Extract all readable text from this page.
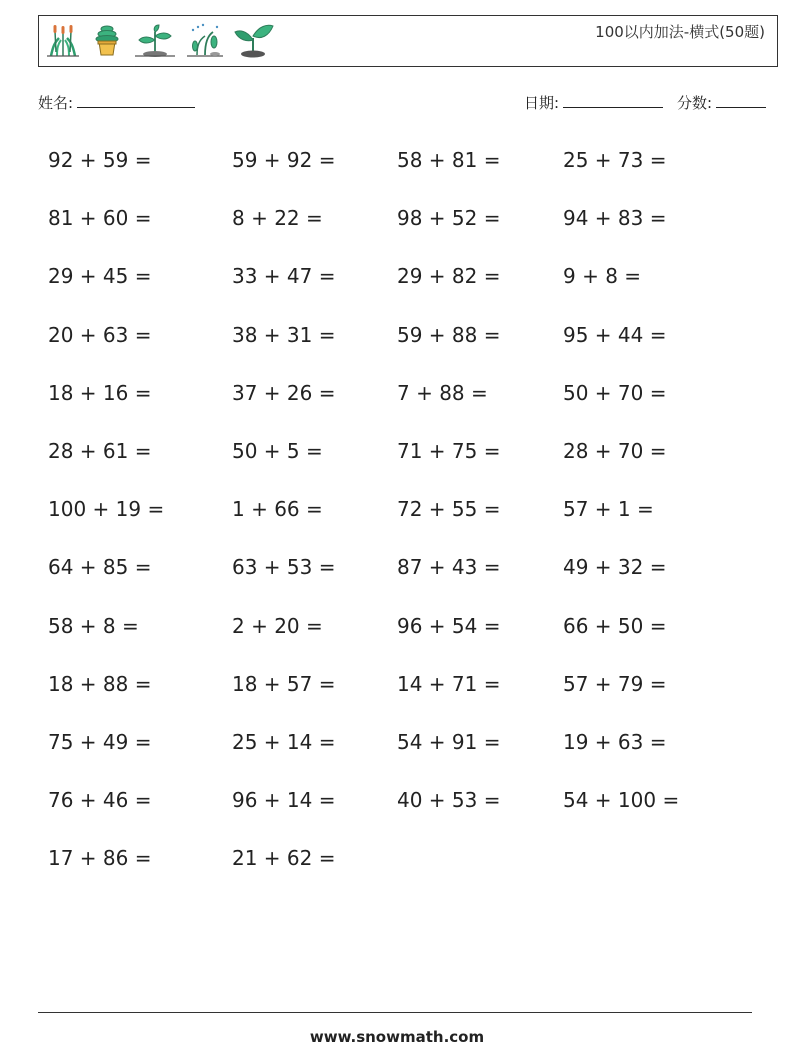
100以内加法-横式(50题)
姓名:	日期:	分数:
92 + 59 =	59 + 92 =	58 + 81 =	25 + 73 =
81 + 60 =	8 + 22 =	98 + 52 =	94 + 83 =
29 + 45 =	33 + 47 =	29 + 82 =	9 + 8 =
20 + 63 =	38 + 31 =	59 + 88 =	95 + 44 =
18 + 16 =	37 + 26 =	7 + 88 =	50 + 70 =
28 + 61 =	50 + 5 =	71 + 75 =	28 + 70 =
100 + 19 =	1 + 66 =	72 + 55 =	57 + 1 =
64 + 85 =	63 + 53 =	87 + 43 =	49 + 32 =
58 + 8 =	2 + 20 =	96 + 54 =	66 + 50 =
18 + 88 =	18 + 57 =	14 + 71 =	57 + 79 =
75 + 49 =	25 + 14 =	54 + 91 =	19 + 63 =
76 + 46 =	96 + 14 =	40 + 53 =	54 + 100 =
17 + 86 =	21 + 62 =
www.snowmath.com
